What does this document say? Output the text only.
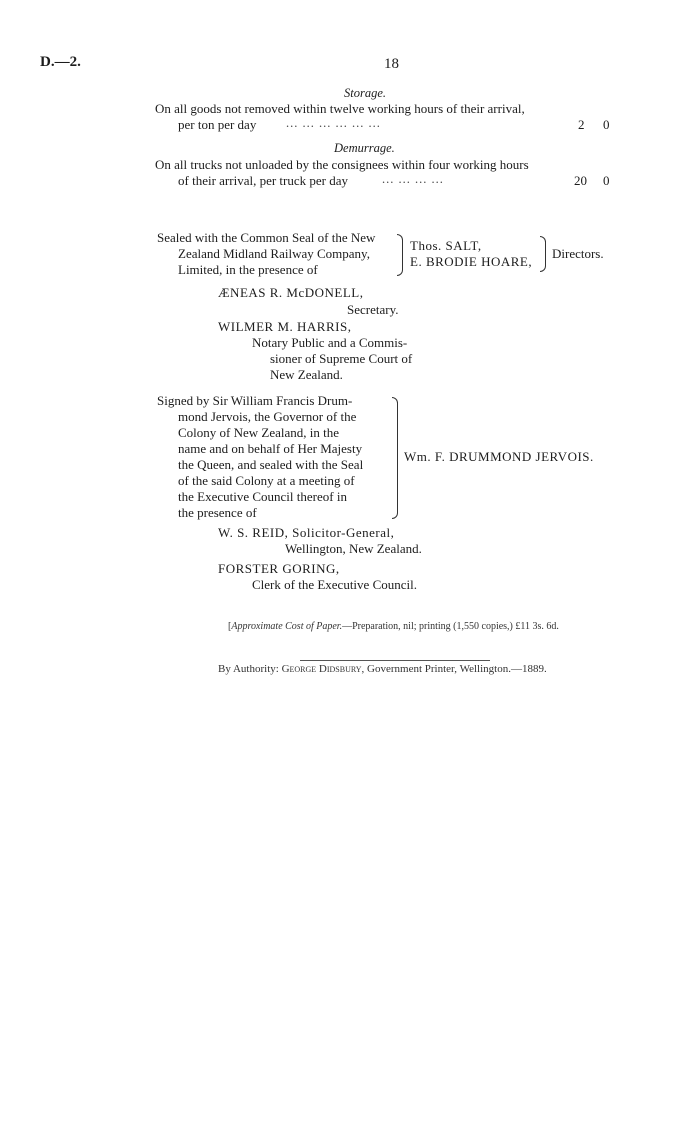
D.—2.	18
Storage.
On all goods not removed within twelve working hours of their arrival,
per ton per day ... ... ... ... ... ...	2 0
Demurrage.
On all trucks not unloaded by the consignees within four working hours
of their arrival, per truck per day	... ... ... ...	20 0
Sealed with the Common Seal of the New
Zealand Midland Railway Company,
Limited, in the presence of
Thos. SALT,
E. BRODIE HOARE,
Directors.
ÆNEAS R. McDONELL,
Secretary.
WILMER M. HARRIS,
Notary Public and a Commis-
sioner of Supreme Court of
New Zealand.
Signed by Sir William Francis Drum-
mond Jervois, the Governor of the
Colony of New Zealand, in the
name and on behalf of Her Majesty
the Queen, and sealed with the Seal
of the said Colony at a meeting of
the Executive Council thereof in
the presence of
Wm. F. DRUMMOND JERVOIS.
W. S. REID, Solicitor-General,
Wellington, New Zealand.
FORSTER GORING,
Clerk of the Executive Council.
[Approximate Cost of Paper.—Preparation, nil; printing (1,550 copies,) £11 3s. 6d.
By Authority: George Didsbury, Government Printer, Wellington.—1889.
